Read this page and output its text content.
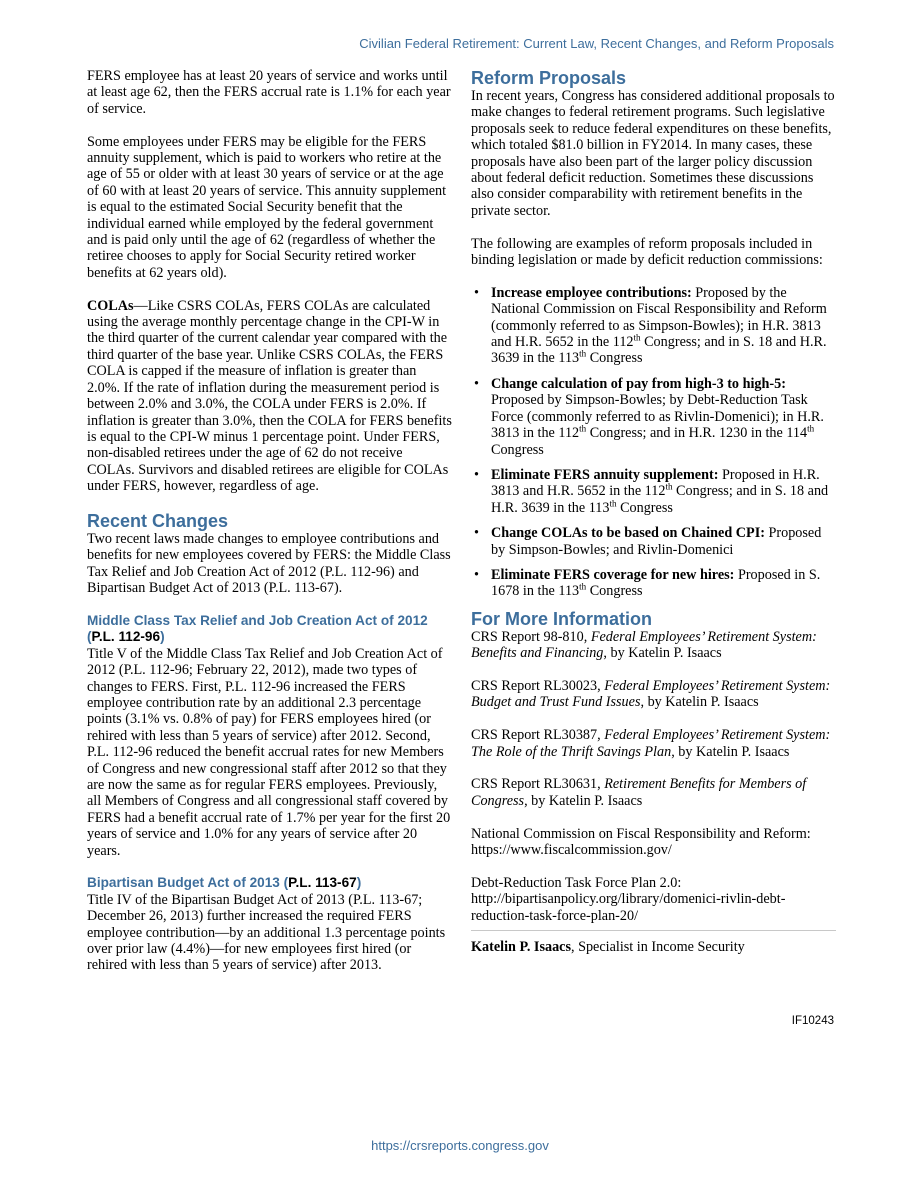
Civilian Federal Retirement: Current Law, Recent Changes, and Reform Proposals

FERS employee has at least 20 years of service and works until at least age 62, then the FERS accrual rate is 1.1% for each year of service.

Some employees under FERS may be eligible for the FERS annuity supplement, which is paid to workers who retire at the age of 55 or older with at least 30 years of service or at the age of 60 with at least 20 years of service. This annuity supplement is equal to the estimated Social Security benefit that the individual earned while employed by the federal government and is paid only until the age of 62 (regardless of whether the retiree chooses to apply for Social Security retired worker benefits at 62 years old).

COLAs—Like CSRS COLAs, FERS COLAs are calculated using the average monthly percentage change in the CPI-W in the third quarter of the current calendar year compared with the third quarter of the base year. Unlike CSRS COLAs, the FERS COLA is capped if the measure of inflation is greater than 2.0%. If the rate of inflation during the measurement period is between 2.0% and 3.0%, the COLA under FERS is 2.0%. If inflation is greater than 3.0%, then the COLA for FERS benefits is equal to the CPI-W minus 1 percentage point. Under FERS, non-disabled retirees under the age of 62 do not receive COLAs. Survivors and disabled retirees are eligible for COLAs under FERS, however, regardless of age.

Recent Changes

Two recent laws made changes to employee contributions and benefits for new employees covered by FERS: the Middle Class Tax Relief and Job Creation Act of 2012 (P.L. 112-96) and Bipartisan Budget Act of 2013 (P.L. 113-67).

Middle Class Tax Relief and Job Creation Act of 2012 (P.L. 112-96)

Title V of the Middle Class Tax Relief and Job Creation Act of 2012 (P.L. 112-96; February 22, 2012), made two types of changes to FERS. First, P.L. 112-96 increased the FERS employee contribution rate by an additional 2.3 percentage points (3.1% vs. 0.8% of pay) for FERS employees hired (or rehired with less than 5 years of service) after 2012. Second, P.L. 112-96 reduced the benefit accrual rates for new Members of Congress and new congressional staff after 2012 so that they are now the same as for regular FERS employees. Previously, all Members of Congress and all congressional staff covered by FERS had a benefit accrual rate of 1.7% per year for the first 20 years of service and 1.0% for any years of service after 20 years.

Bipartisan Budget Act of 2013 (P.L. 113-67)

Title IV of the Bipartisan Budget Act of 2013 (P.L. 113-67; December 26, 2013) further increased the required FERS employee contribution—by an additional 1.3 percentage points over prior law (4.4%)—for new employees first hired (or rehired with less than 5 years of service) after 2013.

Reform Proposals

In recent years, Congress has considered additional proposals to make changes to federal retirement programs. Such legislative proposals seek to reduce federal expenditures on these benefits, which totaled $81.0 billion in FY2014. In many cases, these proposals have also been part of the larger policy discussion about federal deficit reduction. Sometimes these discussions also consider comparability with retirement benefits in the private sector.

The following are examples of reform proposals included in binding legislation or made by deficit reduction commissions:

• Increase employee contributions: Proposed by the National Commission on Fiscal Responsibility and Reform (commonly referred to as Simpson-Bowles); in H.R. 3813 and H.R. 5652 in the 112th Congress; and in S. 18 and H.R. 3639 in the 113th Congress
• Change calculation of pay from high-3 to high-5: Proposed by Simpson-Bowles; by Debt-Reduction Task Force (commonly referred to as Rivlin-Domenici); in H.R. 3813 in the 112th Congress; and in H.R. 1230 in the 114th Congress
• Eliminate FERS annuity supplement: Proposed in H.R. 3813 and H.R. 5652 in the 112th Congress; and in S. 18 and H.R. 3639 in the 113th Congress
• Change COLAs to be based on Chained CPI: Proposed by Simpson-Bowles; and Rivlin-Domenici
• Eliminate FERS coverage for new hires: Proposed in S. 1678 in the 113th Congress
For More Information
CRS Report 98-810, Federal Employees’ Retirement System: Benefits and Financing, by Katelin P. Isaacs
CRS Report RL30023, Federal Employees’ Retirement System: Budget and Trust Fund Issues, by Katelin P. Isaacs
CRS Report RL30387, Federal Employees’ Retirement System: The Role of the Thrift Savings Plan, by Katelin P. Isaacs
CRS Report RL30631, Retirement Benefits for Members of Congress, by Katelin P. Isaacs
National Commission on Fiscal Responsibility and Reform: https://www.fiscalcommission.gov/
Debt-Reduction Task Force Plan 2.0: http://bipartisanpolicy.org/library/domenici-rivlin-debt-reduction-task-force-plan-20/
Katelin P. Isaacs, Specialist in Income Security
IF10243
https://crsreports.congress.gov
